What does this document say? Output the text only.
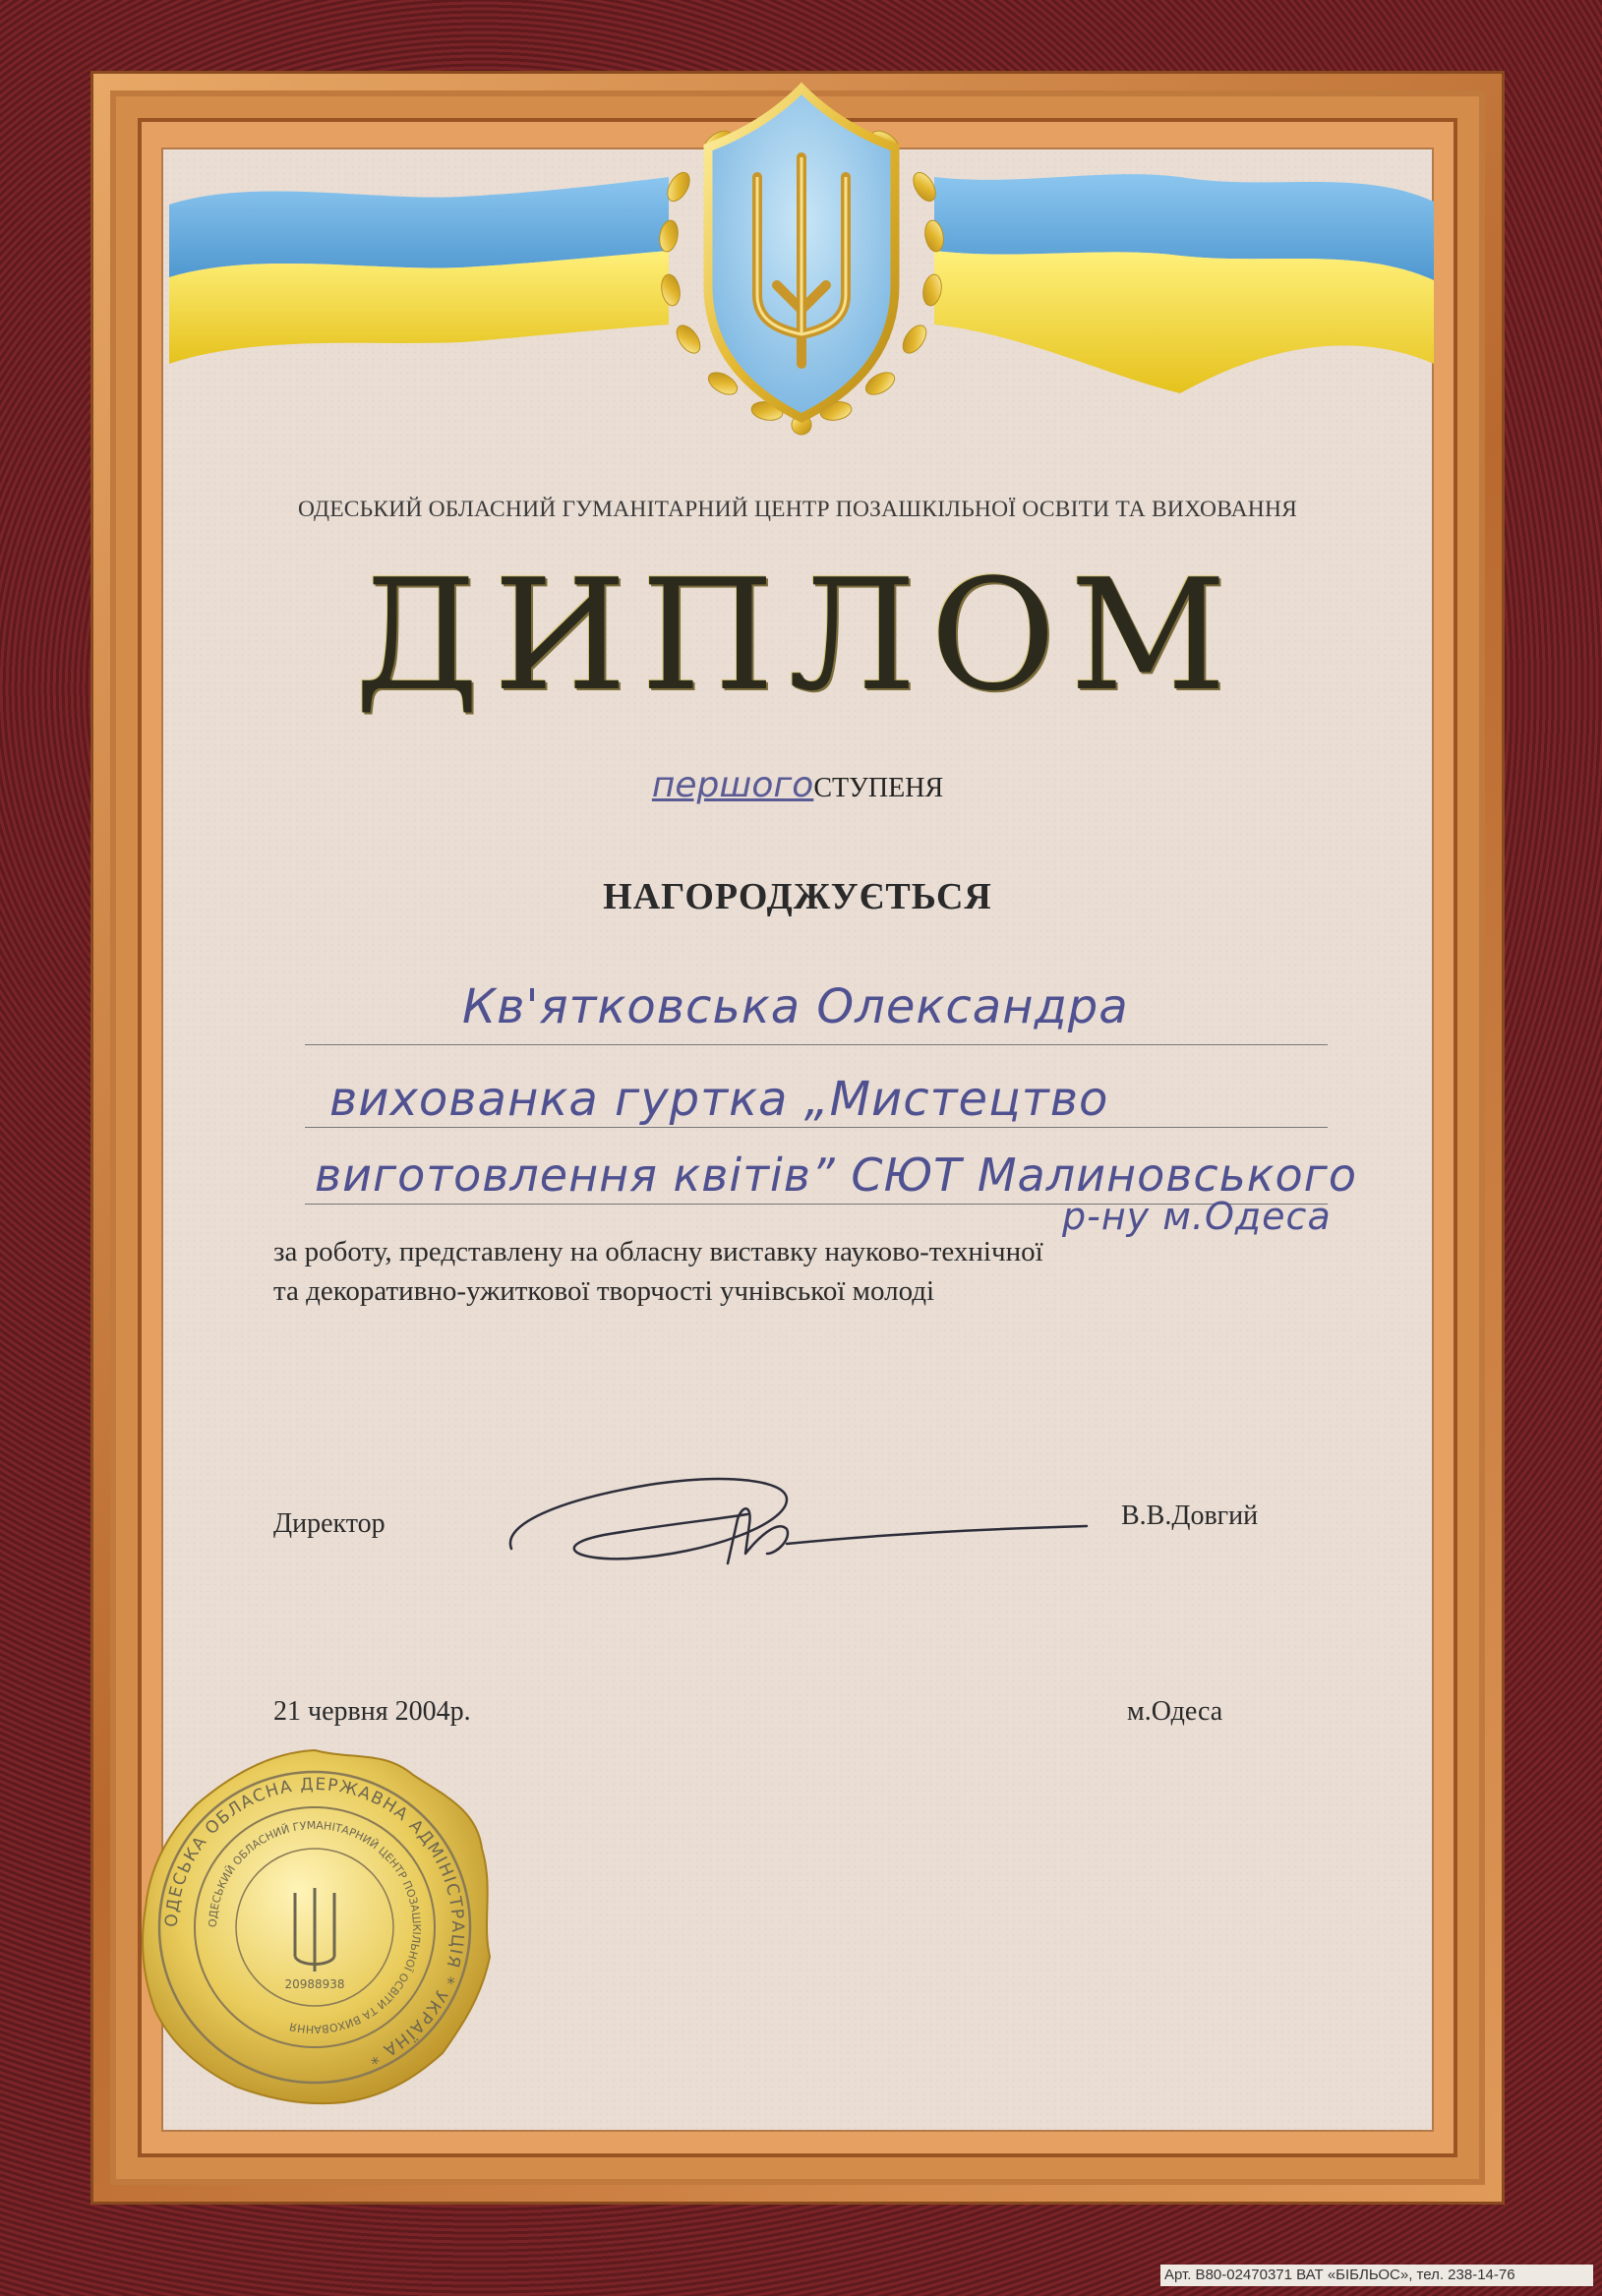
ОДЕСЬКИЙ ОБЛАСНИЙ ГУМАНІТАРНИЙ ЦЕНТР ПОЗАШКІЛЬНОЇ ОСВІТИ ТА ВИХОВАННЯ
ДИПЛОМ
першогоСТУПЕНЯ
НАГОРОДЖУЄТЬСЯ
Кв'ятковська Олександра
вихованка гуртка „Мистецтво
виготовлення квітів” СЮТ Малиновського
р-ну м.Одеса
за роботу, представлену на обласну виставку науково-технічної
та декоративно-ужиткової творчості учнівської молоді
Директор	В.В.Довгий
21 червня 2004р.	м.Одеса
ОДЕСЬКА ОБЛАСНА ДЕРЖАВНА АДМІНІСТРАЦІЯ * УКРАЇНА *
ОДЕСЬКИЙ ОБЛАСНИЙ ГУМАНІТАРНИЙ ЦЕНТР ПОЗАШКІЛЬНОЇ ОСВІТИ ТА ВИХОВАННЯ
20988938
Арт. В80-02470371 ВАТ «БІБЛЬОС», тел. 238-14-76
